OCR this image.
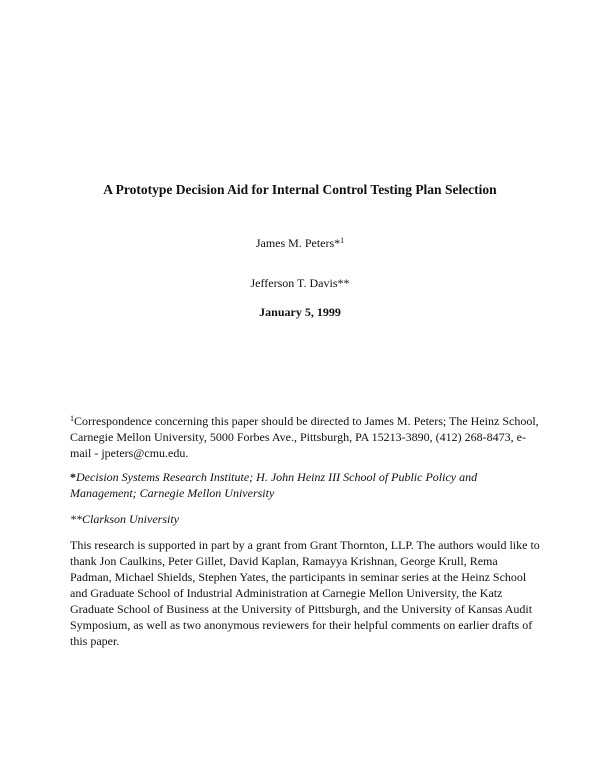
A Prototype Decision Aid for Internal Control Testing Plan Selection
James M. Peters*$^1$
Jefferson T. Davis**
January 5, 1999
$^1$Correspondence concerning this paper should be directed to James M. Peters; The Heinz School, Carnegie Mellon University, 5000 Forbes Ave., Pittsburgh, PA 15213-3890, (412) 268-8473, e-mail - jpeters@cmu.edu.
*Decision Systems Research Institute; H. John Heinz III School of Public Policy and Management; Carnegie Mellon University
**Clarkson University
This research is supported in part by a grant from Grant Thornton, LLP. The authors would like to thank Jon Caulkins, Peter Gillet, David Kaplan, Ramayya Krishnan, George Krull, Rema Padman, Michael Shields, Stephen Yates, the participants in seminar series at the Heinz School and Graduate School of Industrial Administration at Carnegie Mellon University, the Katz Graduate School of Business at the University of Pittsburgh, and the University of Kansas Audit Symposium, as well as two anonymous reviewers for their helpful comments on earlier drafts of this paper.
